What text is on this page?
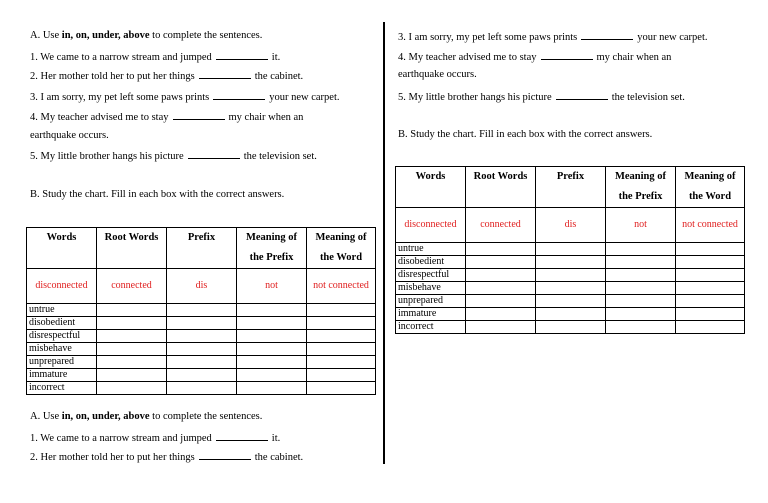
A. Use in, on, under, above to complete the sentences.
1. We came to a narrow stream and jumped	it.
2. Her mother told her to put her things	the cabinet.
3. I am sorry, my pet left some paws prints	your new carpet.
4. My teacher advised me to stay	my chair when an
earthquake occurs.
5. My little brother hangs his picture	the television set.
B. Study the chart. Fill in each box with the correct answers.
Words	Root Words	Prefix	Meaning of the Prefix	Meaning of the Word
disconnected	connected	dis	not	not connected
untrue				
disobedient				
disrespectful				
misbehave				
unprepared				
immature				
incorrect				
A. Use in, on, under, above to complete the sentences.
1. We came to a narrow stream and jumped	it.
2. Her mother told her to put her things	the cabinet.
3. I am sorry, my pet left some paws prints	your new carpet.
4. My teacher advised me to stay	my chair when an
earthquake occurs.
5. My little brother hangs his picture	the television set.
B. Study the chart. Fill in each box with the correct answers.
Words	Root Words	Prefix	Meaning of the Prefix	Meaning of the Word
disconnected	connected	dis	not	not connected
untrue				
disobedient				
disrespectful				
misbehave				
unprepared				
immature				
incorrect				
